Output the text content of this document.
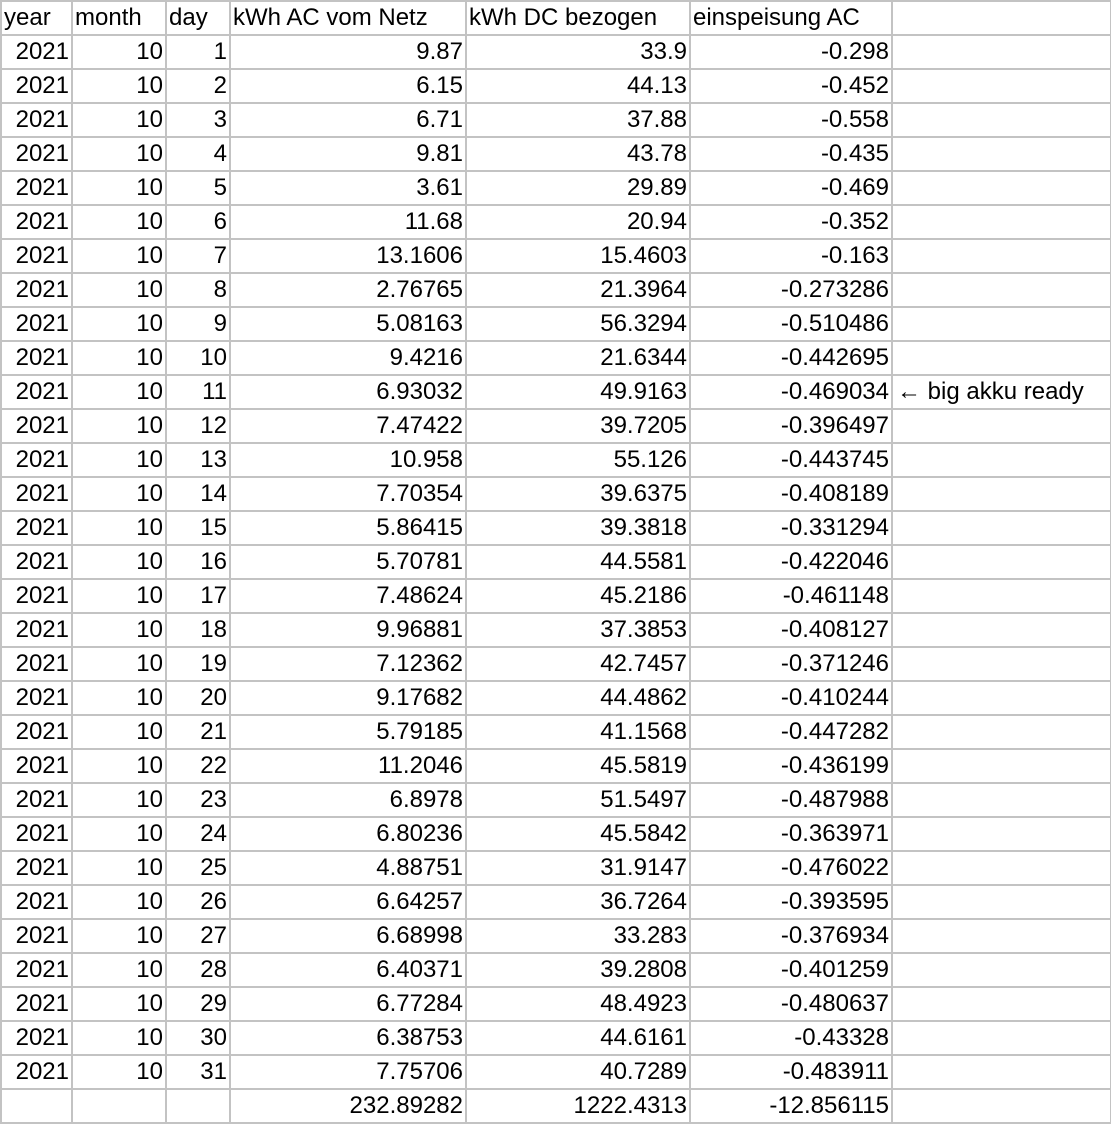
year	month	day	kWh AC vom Netz	kWh DC bezogen	einspeisung AC	
2021	10	1	9.87	33.9	-0.298	
2021	10	2	6.15	44.13	-0.452	
2021	10	3	6.71	37.88	-0.558	
2021	10	4	9.81	43.78	-0.435	
2021	10	5	3.61	29.89	-0.469	
2021	10	6	11.68	20.94	-0.352	
2021	10	7	13.1606	15.4603	-0.163	
2021	10	8	2.76765	21.3964	-0.273286	
2021	10	9	5.08163	56.3294	-0.510486	
2021	10	10	9.4216	21.6344	-0.442695	
2021	10	11	6.93032	49.9163	-0.469034	← big akku ready
2021	10	12	7.47422	39.7205	-0.396497	
2021	10	13	10.958	55.126	-0.443745	
2021	10	14	7.70354	39.6375	-0.408189	
2021	10	15	5.86415	39.3818	-0.331294	
2021	10	16	5.70781	44.5581	-0.422046	
2021	10	17	7.48624	45.2186	-0.461148	
2021	10	18	9.96881	37.3853	-0.408127	
2021	10	19	7.12362	42.7457	-0.371246	
2021	10	20	9.17682	44.4862	-0.410244	
2021	10	21	5.79185	41.1568	-0.447282	
2021	10	22	11.2046	45.5819	-0.436199	
2021	10	23	6.8978	51.5497	-0.487988	
2021	10	24	6.80236	45.5842	-0.363971	
2021	10	25	4.88751	31.9147	-0.476022	
2021	10	26	6.64257	36.7264	-0.393595	
2021	10	27	6.68998	33.283	-0.376934	
2021	10	28	6.40371	39.2808	-0.401259	
2021	10	29	6.77284	48.4923	-0.480637	
2021	10	30	6.38753	44.6161	-0.43328	
2021	10	31	7.75706	40.7289	-0.483911	
			232.89282	1222.4313	-12.856115	
